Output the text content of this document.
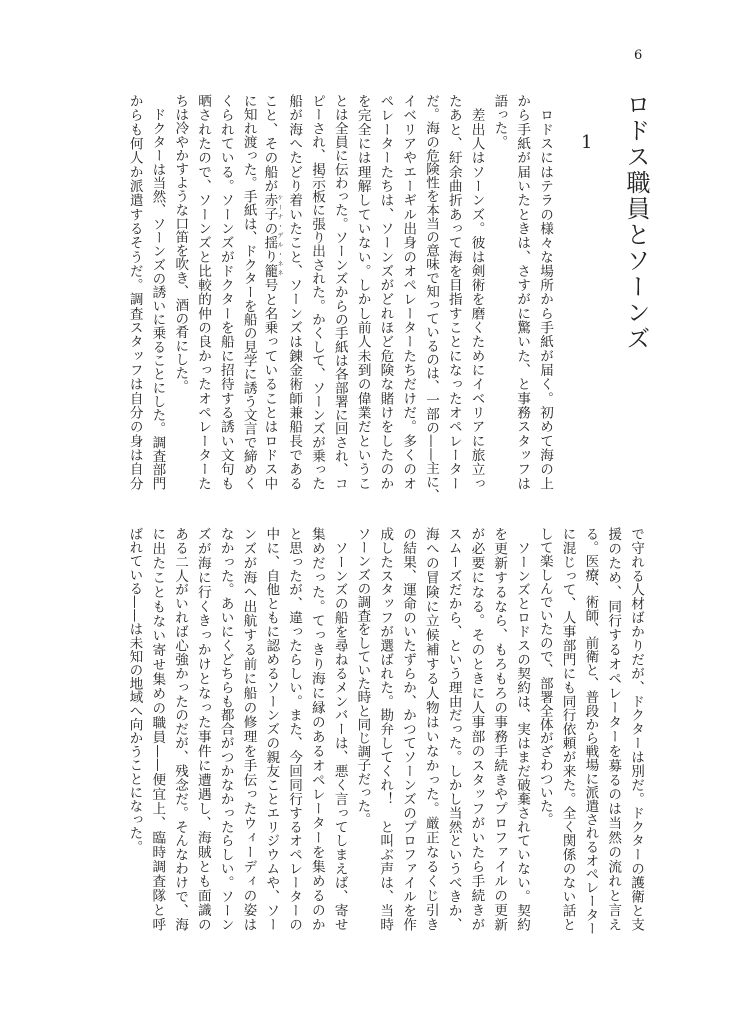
6
ロドス職員とソーンズ
1
　ロドスにはテラの様々な場所から手紙が届く。初めて海の上
から手紙が届いたときは、さすがに驚いた、と事務スタッフは
語った。
　差出人はソーンズ。彼は剣術を磨くためにイベリアに旅立っ
たあと、紆余曲折あって海を目指すことになったオペレーター
だ。海の危険性を本当の意味で知っているのは、一部の——主に、
イベリアやエーギル出身のオペレーターたちだけだ。多くのオ
ペレーターたちは、ソーンズがどれほど危険な賭けをしたのか
を完全には理解していない。しかし前人未到の偉業だというこ
とは全員に伝わった。ソーンズからの手紙は各部署に回され、コ
ピーされ、掲示板に張り出された。かくして、ソーンズが乗った
船が海へたどり着いたこと、ソーンズは錬金術師兼船長である
こと、その船が赤子の揺り籠ケーナ・デル・ネネ号と名乗っていることはロドス中
に知れ渡った。手紙は、ドクターを船の見学に誘う文言で締めく
くられている。ソーンズがドクターを船に招待する誘い文句も
晒されたので、ソーンズと比較的仲の良かったオペレーターた
ちは冷やかすような口笛を吹き、酒の肴にした。
　ドクターは当然、ソーンズの誘いに乗ることにした。調査部門
からも何人か派遣するそうだ。調査スタッフは自分の身は自分
で守れる人材ばかりだが、ドクターは別だ。ドクターの護衛と支
援のため、同行するオペレーターを募るのは当然の流れと言え
る。医療、術師、前衛と、普段から戦場に派遣されるオペレーター
に混じって、人事部門にも同行依頼が来た。全く関係のない話と
して楽しんでいたので、部署全体がざわついた。
　ソーンズとロドスの契約は、実はまだ破棄されていない。契約
を更新するなら、もろもろの事務手続きやプロファイルの更新
が必要になる。そのときに人事部のスタッフがいたら手続きが
スムーズだから、という理由だった。しかし当然というべきか、
海への冒険に立候補する人物はいなかった。厳正なるくじ引き
の結果、運命のいたずらか、かつてソーンズのプロファイルを作
成したスタッフが選ばれた。勘弁してくれ！　と叫ぶ声は、当時
ソーンズの調査をしていた時と同じ調子だった。
　ソーンズの船を尋ねるメンバーは、悪く言ってしまえば、寄せ
集めだった。てっきり海に縁のあるオペレーターを集めるのか
と思ったが、違ったらしい。また、今回同行するオペレーターの
中に、自他ともに認めるソーンズの親友ことエリジウムや、ソー
ンズが海へ出航する前に船の修理を手伝ったウィーディの姿は
なかった。あいにくどちらも都合がつかなかったらしい。ソーン
ズが海に行くきっかけとなった事件に遭遇し、海賊とも面識の
ある二人がいれば心強かったのだが、残念だ。そんなわけで、海
に出たこともない寄せ集めの職員——便宜上、臨時調査隊と呼
ばれている——は未知の地域へ向かうことになった。
